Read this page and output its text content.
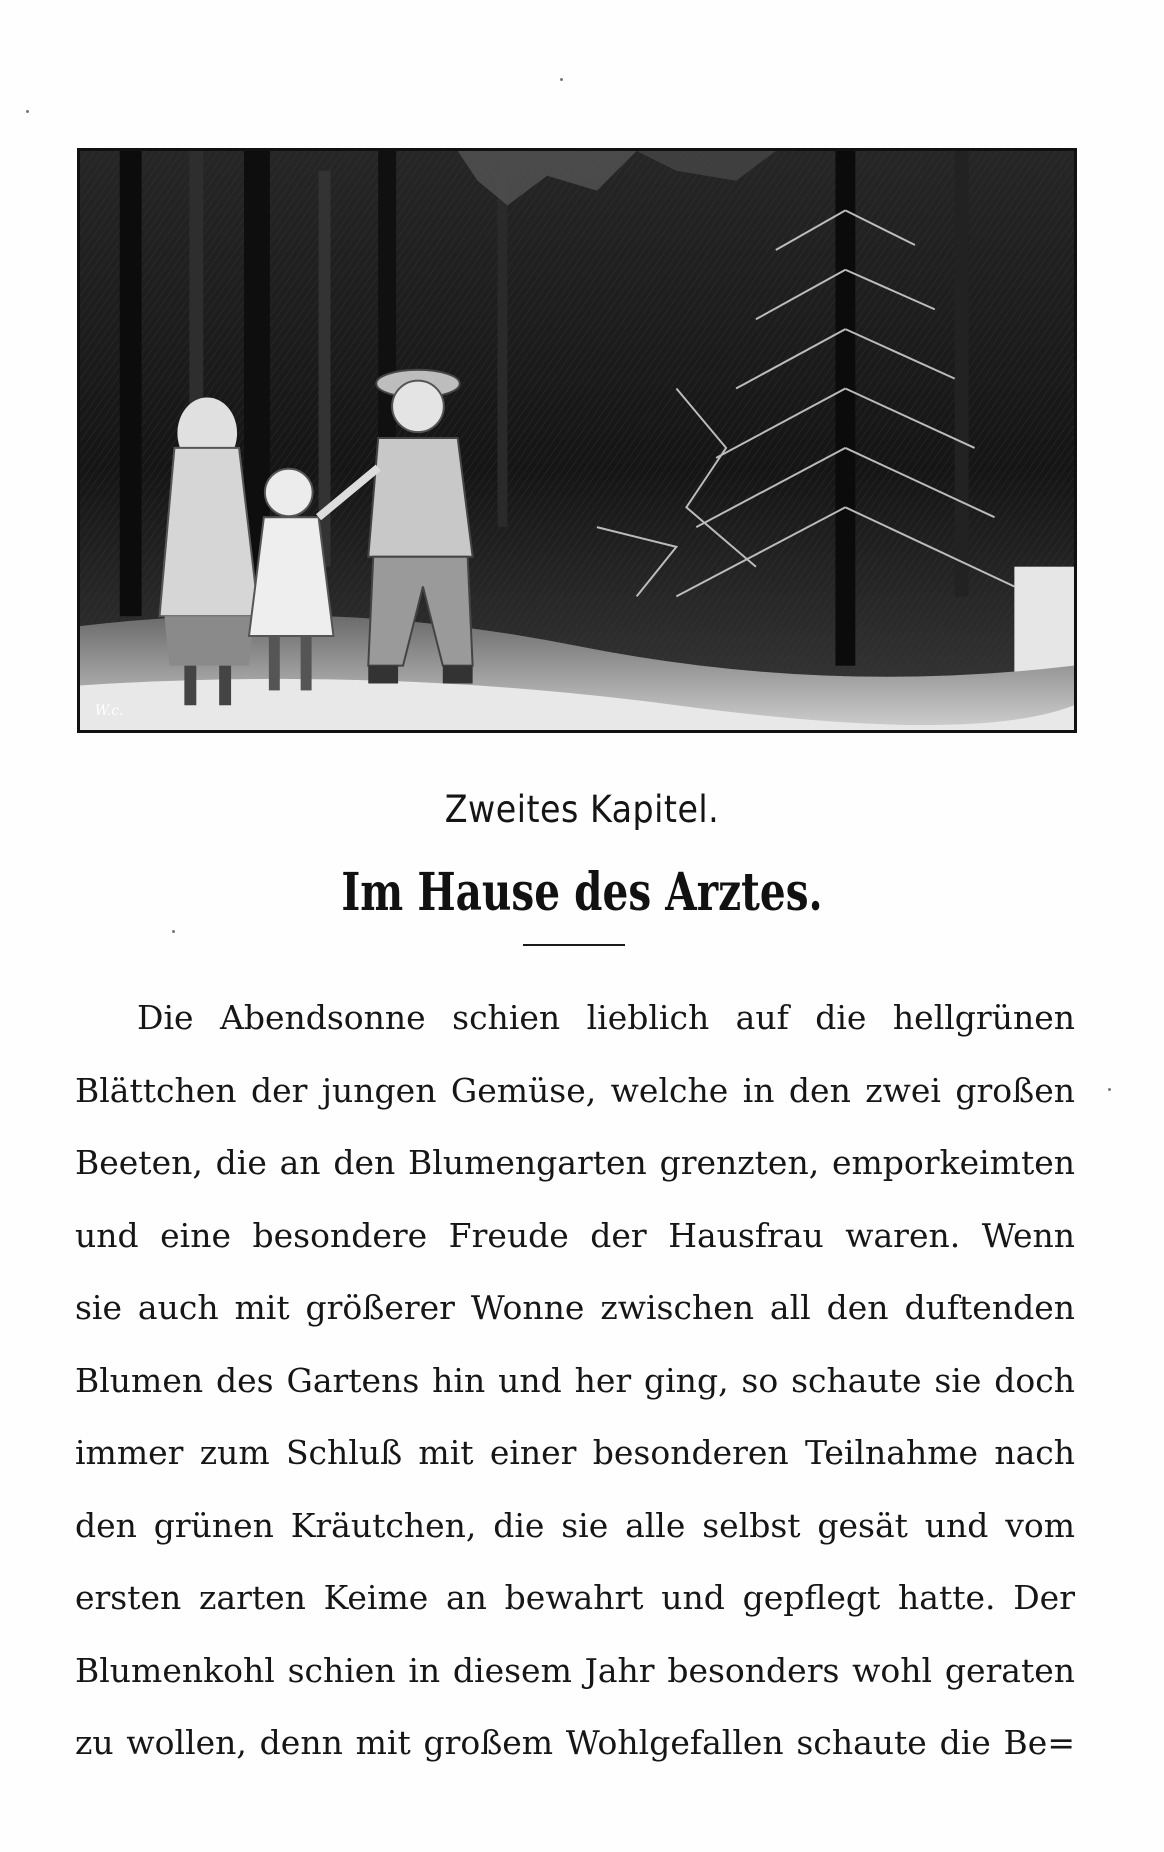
W.c.
Zweites Kapitel.
Im Hause des Arztes.
Die Abendsonne schien lieblich auf die hellgrünen
Blättchen der jungen Gemüse, welche in den zwei großen
Beeten, die an den Blumengarten grenzten, emporkeimten
und eine besondere Freude der Hausfrau waren. Wenn
sie auch mit größerer Wonne zwischen all den duftenden
Blumen des Gartens hin und her ging, so schaute sie doch
immer zum Schluß mit einer besonderen Teilnahme nach
den grünen Kräutchen, die sie alle selbst gesät und vom
ersten zarten Keime an bewahrt und gepflegt hatte. Der
Blumenkohl schien in diesem Jahr besonders wohl geraten
zu wollen, denn mit großem Wohlgefallen schaute die Be=
